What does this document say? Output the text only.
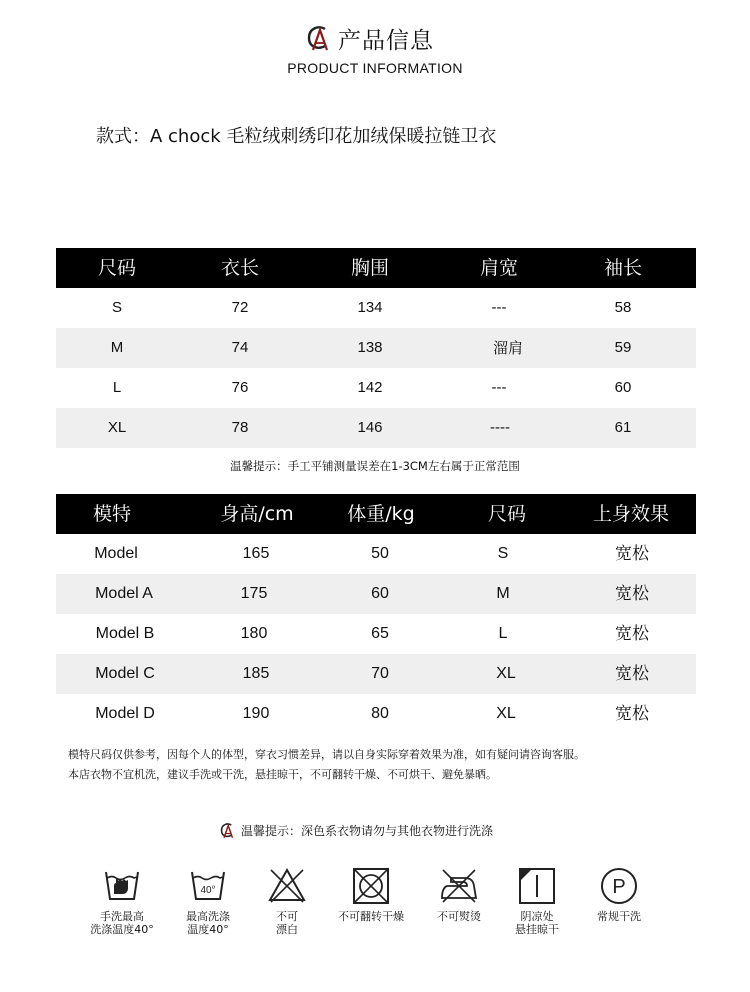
产品信息
PRODUCT INFORMATION
款式：A chock 毛粒绒刺绣印花加绒保暖拉链卫衣
尺码	衣长	胸围	肩宽	袖长
S	72	134	---	58
M	74	138	溜肩	59
L	76	142	---	60
XL	78	146	----	61
温馨提示：手工平铺测量误差在1-3CM左右属于正常范围
模特	身高/cm	体重/kg	尺码	上身效果
Model	165	50	S	宽松
Model A	175	60	M	宽松
Model B	180	65	L	宽松
Model C	185	70	XL	宽松
Model D	190	80	XL	宽松
模特尺码仅供参考，因每个人的体型，穿衣习惯差异，请以自身实际穿着效果为准，如有疑问请咨询客服。
本店衣物不宜机洗，建议手洗或干洗，悬挂晾干，不可翻转干燥、不可烘干、避免暴晒。
温馨提示：深色系衣物请勿与其他衣物进行洗涤
手洗最高
洗涤温度40°
40°
最高洗涤
温度40°
不可
漂白
不可翻转干燥	不可熨烫	阴凉处
悬挂晾干
P
常规干洗
